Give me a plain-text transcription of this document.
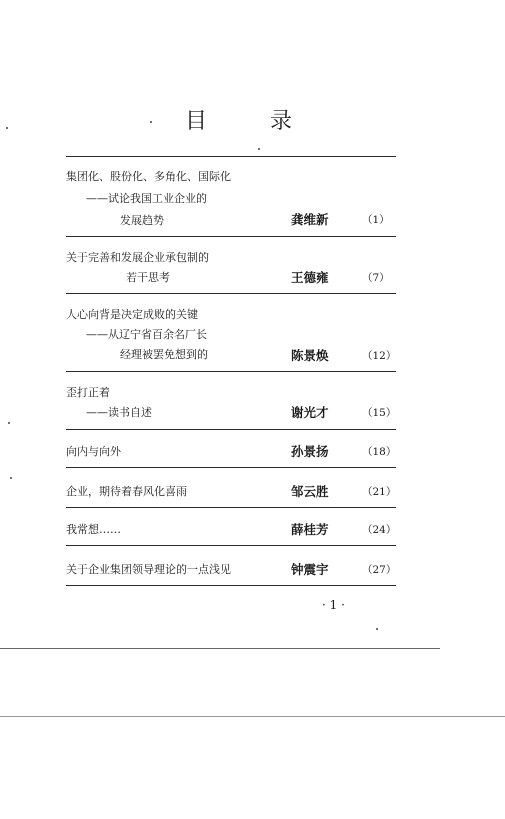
目 录
集团化、股份化、多角化、国际化
——试论我国工业企业的
发展趋势	龚维新	（1）
关于完善和发展企业承包制的
若干思考	王德雍	（7）
人心向背是决定成败的关键
——从辽宁省百余名厂长
经理被罢免想到的	陈景焕	（12）
歪打正着
——读书自述	谢光才	（15）
向内与向外	孙景扬	（18）
企业，期待着春风化喜雨	邹云胜	（21）
我常想……	薛桂芳	（24）
关于企业集团领导理论的一点浅见	钟震宇	（27）
· 1 ·
